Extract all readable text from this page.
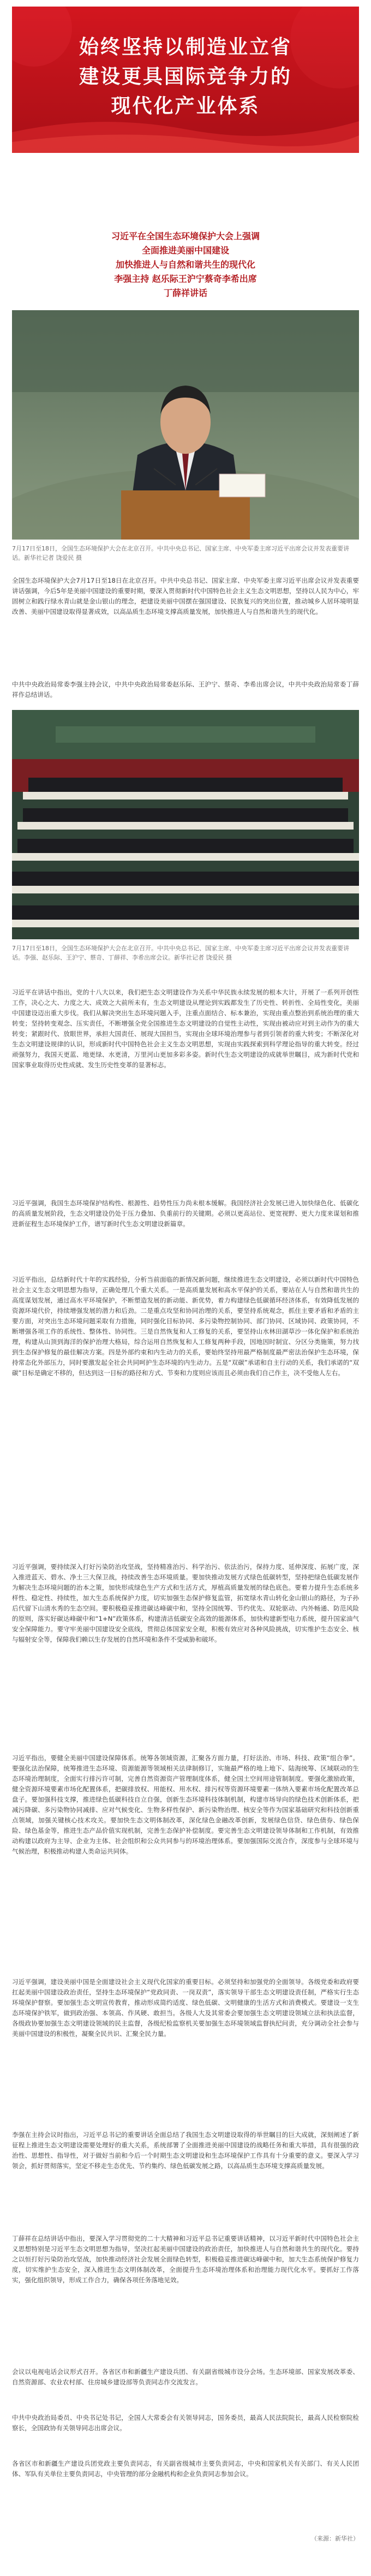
始终坚持以制造业立省
建设更具国际竞争力的
现代化产业体系
习近平在全国生态环境保护大会上强调
全面推进美丽中国建设
加快推进人与自然和谐共生的现代化
李强主持 赵乐际王沪宁蔡奇李希出席
丁薛祥讲话
7月17日至18日，全国生态环境保护大会在北京召开。中共中央总书记、国家主席、中央军委主席习近平出席会议并发表重要讲话。新华社记者 饶爱民 摄

全国生态环境保护大会7月17日至18日在北京召开。中共中央总书记、国家主席、中央军委主席习近平出席会议并发表重要讲话强调，今后5年是美丽中国建设的重要时期，要深入贯彻新时代中国特色社会主义生态文明思想，坚持以人民为中心，牢固树立和践行绿水青山就是金山银山的理念，把建设美丽中国摆在强国建设、民族复兴的突出位置，推动城乡人居环境明显改善、美丽中国建设取得显著成效，以高品质生态环境支撑高质量发展，加快推进人与自然和谐共生的现代化。

中共中央政治局常委李强主持会议，中共中央政治局常委赵乐际、王沪宁、蔡奇、李希出席会议，中共中央政治局常委丁薛祥作总结讲话。

7月17日至18日，全国生态环境保护大会在北京召开。中共中央总书记、国家主席、中央军委主席习近平出席会议并发表重要讲话。李强、赵乐际、王沪宁、蔡奇、丁薛祥、李希出席会议。新华社记者 饶爱民 摄

习近平在讲话中指出，党的十八大以来，我们把生态文明建设作为关系中华民族永续发展的根本大计，开展了一系列开创性工作，决心之大、力度之大、成效之大前所未有，生态文明建设从理论到实践都发生了历史性、转折性、全局性变化，美丽中国建设迈出重大步伐。我们从解决突出生态环境问题入手，注重点面结合、标本兼治，实现由重点整治到系统治理的重大转变；坚持转变观念、压实责任，不断增强全党全国推进生态文明建设的自觉性主动性，实现由被动应对到主动作为的重大转变；紧跟时代、放眼世界，承担大国责任、展现大国担当，实现由全球环境治理参与者到引领者的重大转变；不断深化对生态文明建设规律的认识，形成新时代中国特色社会主义生态文明思想，实现由实践探索到科学理论指导的重大转变。经过顽强努力，我国天更蓝、地更绿、水更清，万里河山更加多彩多姿。新时代生态文明建设的成就举世瞩目，成为新时代党和国家事业取得历史性成就、发生历史性变革的显著标志。

习近平强调，我国生态环境保护结构性、根源性、趋势性压力尚未根本缓解。我国经济社会发展已进入加快绿色化、低碳化的高质量发展阶段，生态文明建设仍处于压力叠加、负重前行的关键期。必须以更高站位、更宽视野、更大力度来谋划和推进新征程生态环境保护工作，谱写新时代生态文明建设新篇章。

习近平指出，总结新时代十年的实践经验，分析当前面临的新情况新问题，继续推进生态文明建设，必须以新时代中国特色社会主义生态文明思想为指导，正确处理几个重大关系。一是高质量发展和高水平保护的关系，要站在人与自然和谐共生的高度谋划发展，通过高水平环境保护，不断塑造发展的新动能、新优势，着力构建绿色低碳循环经济体系，有效降低发展的资源环境代价，持续增强发展的潜力和后劲。二是重点攻坚和协同治理的关系，要坚持系统观念，抓住主要矛盾和矛盾的主要方面，对突出生态环境问题采取有力措施，同时强化目标协同、多污染物控制协同、部门协同、区域协同、政策协同，不断增强各项工作的系统性、整体性、协同性。三是自然恢复和人工修复的关系，要坚持山水林田湖草沙一体化保护和系统治理，构建从山顶到海洋的保护治理大格局，综合运用自然恢复和人工修复两种手段，因地因时制宜、分区分类施策，努力找到生态保护修复的最佳解决方案。四是外部约束和内生动力的关系，要始终坚持用最严格制度最严密法治保护生态环境，保持常态化外部压力，同时要激发起全社会共同呵护生态环境的内生动力。五是“双碳”承诺和自主行动的关系，我们承诺的“双碳”目标是确定不移的，但达到这一目标的路径和方式、节奏和力度则应该而且必须由我们自己作主，决不受他人左右。

习近平强调，要持续深入打好污染防治攻坚战，坚持精准治污、科学治污、依法治污，保持力度、延伸深度、拓展广度，深入推进蓝天、碧水、净土三大保卫战，持续改善生态环境质量。要加快推动发展方式绿色低碳转型，坚持把绿色低碳发展作为解决生态环境问题的治本之策，加快形成绿色生产方式和生活方式，厚植高质量发展的绿色底色。要着力提升生态系统多样性、稳定性、持续性，加大生态系统保护力度，切实加强生态保护修复监管，拓宽绿水青山转化金山银山的路径，为子孙后代留下山清水秀的生态空间。要积极稳妥推进碳达峰碳中和，坚持全国统筹、节约优先、双轮驱动、内外畅通、防范风险的原则，落实好碳达峰碳中和“1+N”政策体系，构建清洁低碳安全高效的能源体系，加快构建新型电力系统，提升国家油气安全保障能力。要守牢美丽中国建设安全底线，贯彻总体国家安全观，积极有效应对各种风险挑战，切实维护生态安全、核与辐射安全等，保障我们赖以生存发展的自然环境和条件不受威胁和破坏。

习近平指出，要健全美丽中国建设保障体系。统筹各领域资源，汇聚各方面力量，打好法治、市场、科技、政策“组合拳”。要强化法治保障，统筹推进生态环境、资源能源等领域相关法律制修订，实施最严格的地上地下、陆海统筹、区域联动的生态环境治理制度，全面实行排污许可制，完善自然资源资产管理制度体系，健全国土空间用途管制制度。要强化激励政策，健全资源环境要素市场化配置体系，把碳排放权、用能权、用水权、排污权等资源环境要素一体纳入要素市场化配置改革总盘子。要加强科技支撑，推进绿色低碳科技自立自强，创新生态环境科技体制机制，构建市场导向的绿色技术创新体系，把减污降碳、多污染物协同减排、应对气候变化、生物多样性保护、新污染物治理、核安全等作为国家基础研究和科技创新重点领域，加强关键核心技术攻关。要加快生态文明体制改革，深化绿色金融改革创新，发展绿色信贷、绿色债券、绿色保险、绿色基金等，推进生态产品价值实现机制，完善生态保护补偿制度。要完善生态文明建设领导体制和工作机制，有效推动构建以政府为主导、企业为主体、社会组织和公众共同参与的环境治理体系。要加强国际交流合作，深度参与全球环境与气候治理，积极推动构建人类命运共同体。

习近平强调，建设美丽中国是全面建设社会主义现代化国家的重要目标。必须坚持和加强党的全面领导。各级党委和政府要扛起美丽中国建设政治责任，坚持生态环境保护“党政同责、一岗双责”，落实领导干部生态文明建设责任制，严格实行生态环境保护督察。要加强生态文明宣传教育，推动形成简约适度、绿色低碳、文明健康的生活方式和消费模式。要建设一支生态环境保护铁军，做到政治强、本领高、作风硬、敢担当。各级人大及其常委会要加强生态文明建设领域立法和执法监督，各级政协要加强生态文明建设领域的民主监督，各级纪检监察机关要加强生态环境领域监督执纪问责，充分调动全社会参与美丽中国建设的积极性，凝聚全民共识、汇聚全民力量。

李强在主持会议时指出，习近平总书记的重要讲话全面总结了我国生态文明建设取得的举世瞩目的巨大成就，深刻阐述了新征程上推进生态文明建设需要处理好的重大关系，系统部署了全面推进美丽中国建设的战略任务和重大举措，具有很强的政治性、思想性、指导性，对于做好当前和今后一个时期生态文明建设和生态环境保护工作具有十分重要的意义。要深入学习领会，抓好贯彻落实，坚定不移走生态优先、节约集约、绿色低碳发展之路，以高品质生态环境支撑高质量发展。

丁薛祥在总结讲话中指出，要深入学习贯彻党的二十大精神和习近平总书记重要讲话精神，以习近平新时代中国特色社会主义思想特别是习近平生态文明思想为指导，坚决扛起美丽中国建设的政治责任，加快推进人与自然和谐共生的现代化。要持之以恒打好污染防治攻坚战，加快推动经济社会发展全面绿色转型，积极稳妥推进碳达峰碳中和，加大生态系统保护修复力度，切实维护生态安全，深入推进生态文明体制改革，全面提升生态环境治理体系和治理能力现代化水平。要抓好工作落实，强化组织领导，形成工作合力，确保各项任务落地见效。

会议以电视电话会议形式召开。各省区市和新疆生产建设兵团、有关副省级城市设分会场。生态环境部、国家发展改革委、自然资源部、农业农村部、住房城乡建设部等负责同志作交流发言。

中共中央政治局委员、中央书记处书记，全国人大常委会有关领导同志，国务委员，最高人民法院院长，最高人民检察院检察长，全国政协有关领导同志出席会议。

各省区市和新疆生产建设兵团党政主要负责同志，有关副省级城市主要负责同志，中央和国家机关有关部门、有关人民团体、军队有关单位主要负责同志，中央管理的部分金融机构和企业负责同志参加会议。

（来源：新华社）
